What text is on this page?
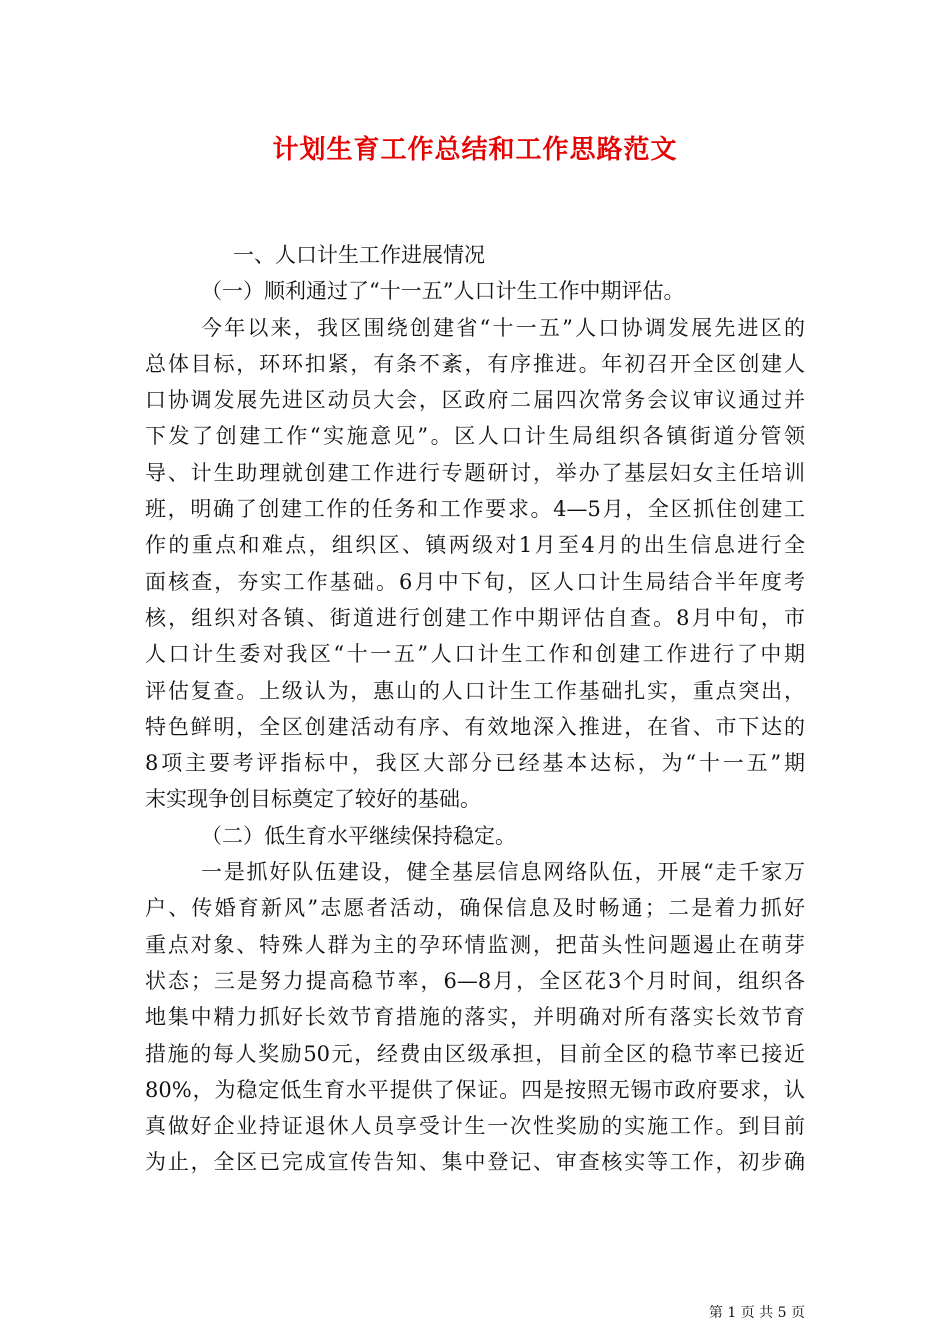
计划生育工作总结和工作思路范文
一、人口计生工作进展情况
（一）顺利通过了“十一五”人口计生工作中期评估。
今年以来，我区围绕创建省“十一五”人口协调发展先进区的
总体目标，环环扣紧，有条不紊，有序推进。年初召开全区创建人
口协调发展先进区动员大会，区政府二届四次常务会议审议通过并
下发了创建工作“实施意见”。区人口计生局组织各镇街道分管领
导、计生助理就创建工作进行专题研讨，举办了基层妇女主任培训
班，明确了创建工作的任务和工作要求。4—5月，全区抓住创建工
作的重点和难点，组织区、镇两级对1月至4月的出生信息进行全
面核查，夯实工作基础。6月中下旬，区人口计生局结合半年度考
核，组织对各镇、街道进行创建工作中期评估自查。8月中旬，市
人口计生委对我区“十一五”人口计生工作和创建工作进行了中期
评估复查。上级认为，惠山的人口计生工作基础扎实，重点突出，
特色鲜明，全区创建活动有序、有效地深入推进，在省、市下达的
8项主要考评指标中，我区大部分已经基本达标，为“十一五”期
末实现争创目标奠定了较好的基础。
（二）低生育水平继续保持稳定。
一是抓好队伍建设，健全基层信息网络队伍，开展“走千家万
户、传婚育新风”志愿者活动，确保信息及时畅通；二是着力抓好
重点对象、特殊人群为主的孕环情监测，把苗头性问题遏止在萌芽
状态；三是努力提高稳节率，6—8月，全区花3个月时间，组织各
地集中精力抓好长效节育措施的落实，并明确对所有落实长效节育
措施的每人奖励50元，经费由区级承担，目前全区的稳节率已接近
80%，为稳定低生育水平提供了保证。四是按照无锡市政府要求，认
真做好企业持证退休人员享受计生一次性奖励的实施工作。到目前
为止，全区已完成宣传告知、集中登记、审查核实等工作，初步确
第 1 页 共 5 页
